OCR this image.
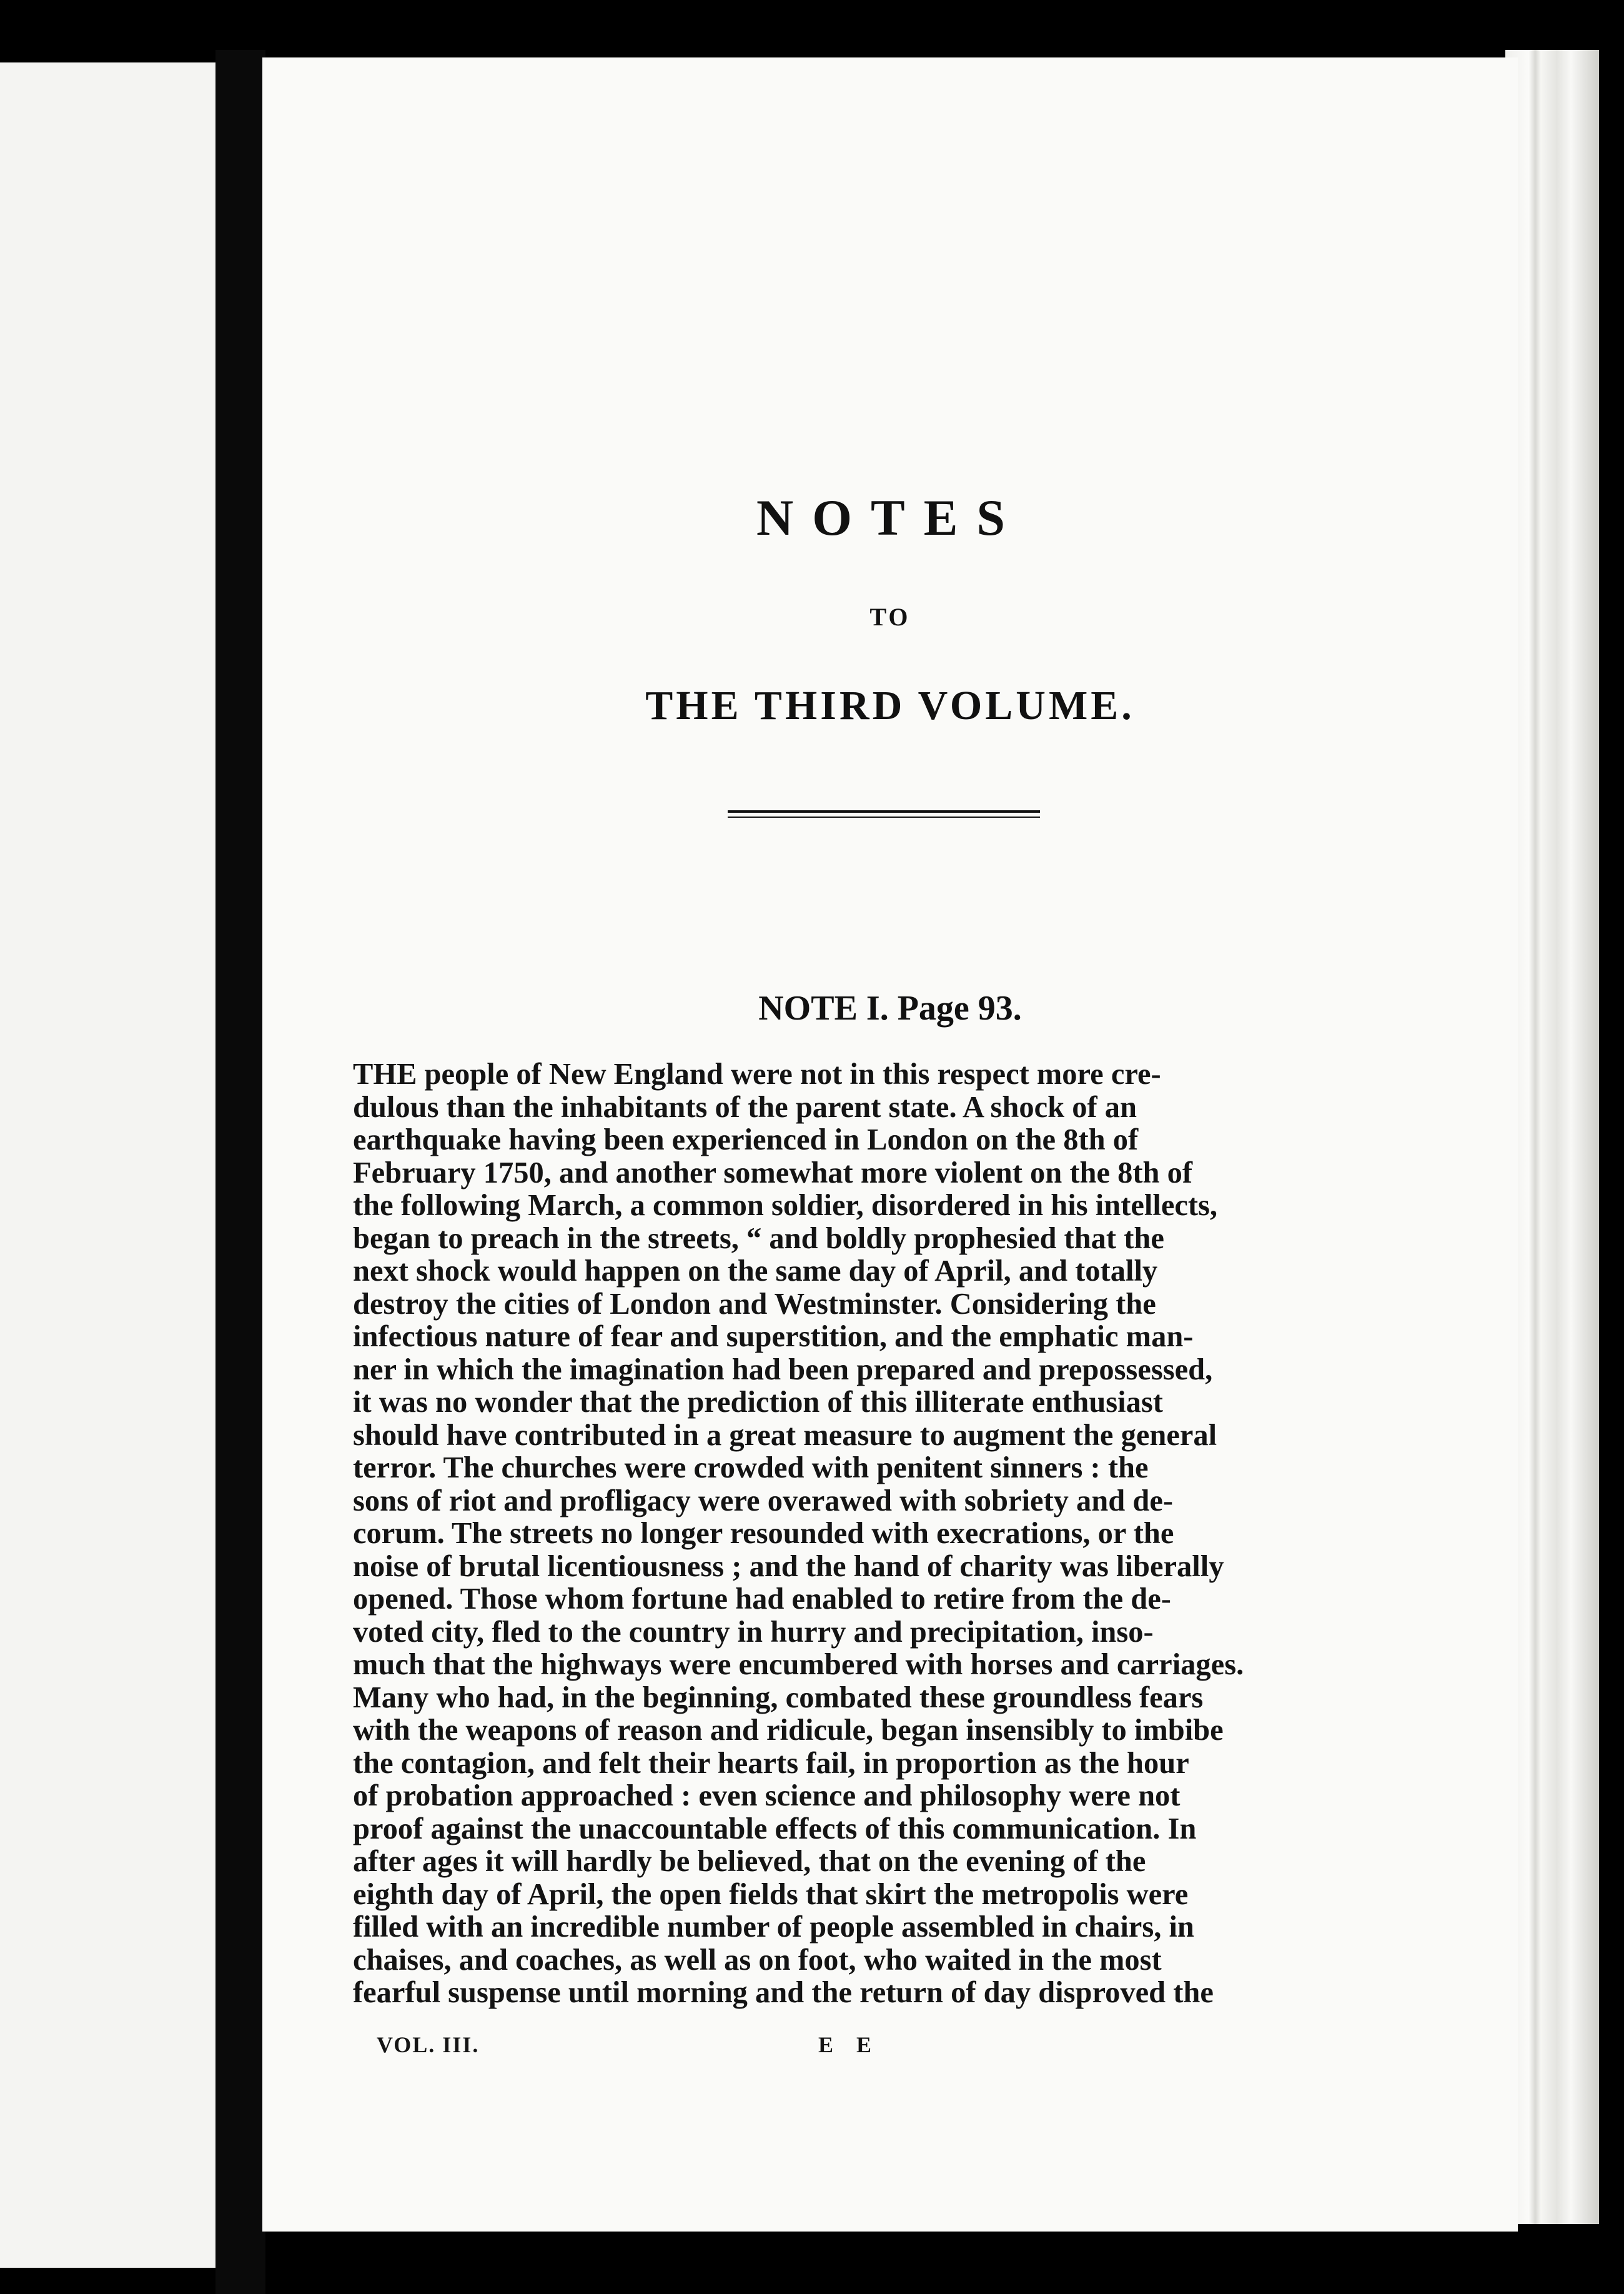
NOTES
TO
THE THIRD VOLUME.
NOTE I. Page 93.
THE people of New England were not in this respect more cre-
dulous than the inhabitants of the parent state. A shock of an
earthquake having been experienced in London on the 8th of
February 1750, and another somewhat more violent on the 8th of
the following March, a common soldier, disordered in his intellects,
began to preach in the streets, “ and boldly prophesied that the
next shock would happen on the same day of April, and totally
destroy the cities of London and Westminster. Considering the
infectious nature of fear and superstition, and the emphatic man-
ner in which the imagination had been prepared and prepossessed,
it was no wonder that the prediction of this illiterate enthusiast
should have contributed in a great measure to augment the general
terror. The churches were crowded with penitent sinners : the
sons of riot and profligacy were overawed with sobriety and de-
corum. The streets no longer resounded with execrations, or the
noise of brutal licentiousness ; and the hand of charity was liberally
opened. Those whom fortune had enabled to retire from the de-
voted city, fled to the country in hurry and precipitation, inso-
much that the highways were encumbered with horses and carriages.
Many who had, in the beginning, combated these groundless fears
with the weapons of reason and ridicule, began insensibly to imbibe
the contagion, and felt their hearts fail, in proportion as the hour
of probation approached : even science and philosophy were not
proof against the unaccountable effects of this communication. In
after ages it will hardly be believed, that on the evening of the
eighth day of April, the open fields that skirt the metropolis were
filled with an incredible number of people assembled in chairs, in
chaises, and coaches, as well as on foot, who waited in the most
fearful suspense until morning and the return of day disproved the
VOL. III.	E E
